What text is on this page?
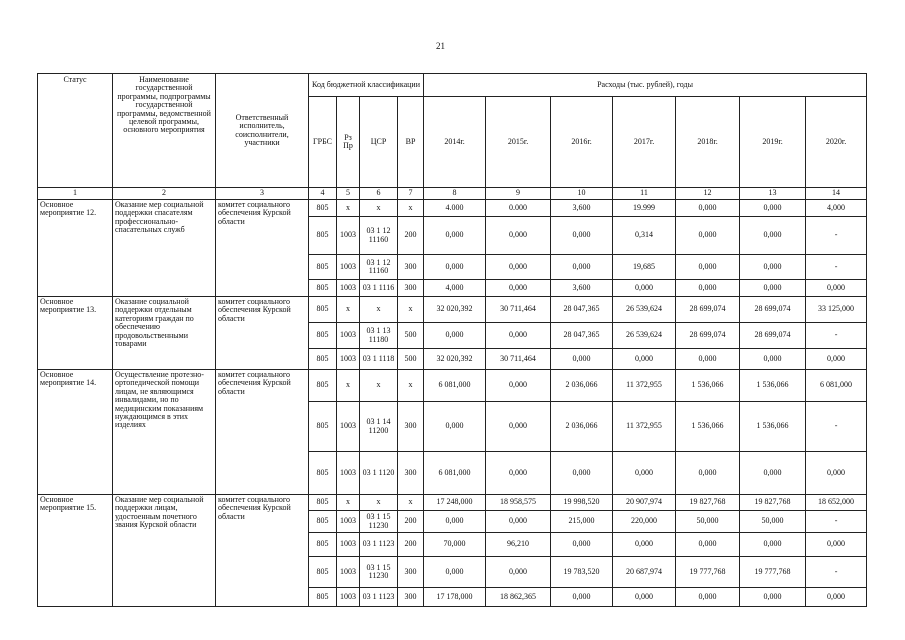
21
Статус	Наименование государственной программы, подпрограммы государственной программы, ведомственной целевой программы, основного мероприятия	Ответственный исполнитель, соисполнители, участники	Код бюджетной классификации				Расходы (тыс. рублей), годы						
			ГРБС	Рз Пр	ЦСР	ВР	2014г.	2015г.	2016г.	2017г.	2018г.	2019г.	2020г.
1	2	3	4	5	6	7	8	9	10	11	12	13	14
Основное мероприятие 12.	Оказание мер социальной поддержки спасателям профессионально-спасательных служб	комитет социального обеспечения Курской области	805	x	x	x	4.000	0.000	3,600	19.999	0,000	0,000	4,000
			805	1003	03 1 12 11160	200	0,000	0,000	0,000	0,314	0,000	0,000	-
			805	1003	03 1 12 11160	300	0,000	0,000	0,000	19,685	0,000	0,000	-
			805	1003	03 1 1116	300	4,000	0,000	3,600	0,000	0,000	0,000	0,000
Основное мероприятие 13.	Оказание социальной поддержки отдельным категориям граждан по обеспечению продовольственными товарами	комитет социального обеспечения Курской области	805	x	x	x	32 020,392	30 711,464	28 047,365	26 539,624	28 699,074	28 699,074	33 125,000
			805	1003	03 1 13 11180	500	0,000	0,000	28 047,365	26 539,624	28 699,074	28 699,074	-
			805	1003	03 1 1118	500	32 020,392	30 711,464	0,000	0,000	0,000	0,000	0,000
Основное мероприятие 14.	Осуществление протезно-ортопедической помощи лицам, не являющимся инвалидами, но по медицинским показаниям нуждающимся в этих изделиях	комитет социального обеспечения Курской области	805	x	x	x	6 081,000	0,000	2 036,066	11 372,955	1 536,066	1 536,066	6 081,000
			805	1003	03 1 14 11200	300	0,000	0,000	2 036,066	11 372,955	1 536,066	1 536,066	-
			805	1003	03 1 1120	300	6 081,000	0,000	0,000	0,000	0,000	0,000	0,000
Основное мероприятие 15.	Оказание мер социальной поддержки лицам, удостоенным почетного звания Курской области	комитет социального обеспечения Курской области	805	x	x	x	17 248,000	18 958,575	19 998,520	20 907,974	19 827,768	19 827,768	18 652,000
			805	1003	03 1 15 11230	200	0,000	0,000	215,000	220,000	50,000	50,000	-
			805	1003	03 1 1123	200	70,000	96,210	0,000	0,000	0,000	0,000	0,000
			805	1003	03 1 15 11230	300	0,000	0,000	19 783,520	20 687,974	19 777,768	19 777,768	-
			805	1003	03 1 1123	300	17 178,000	18 862,365	0,000	0,000	0,000	0,000	0,000
